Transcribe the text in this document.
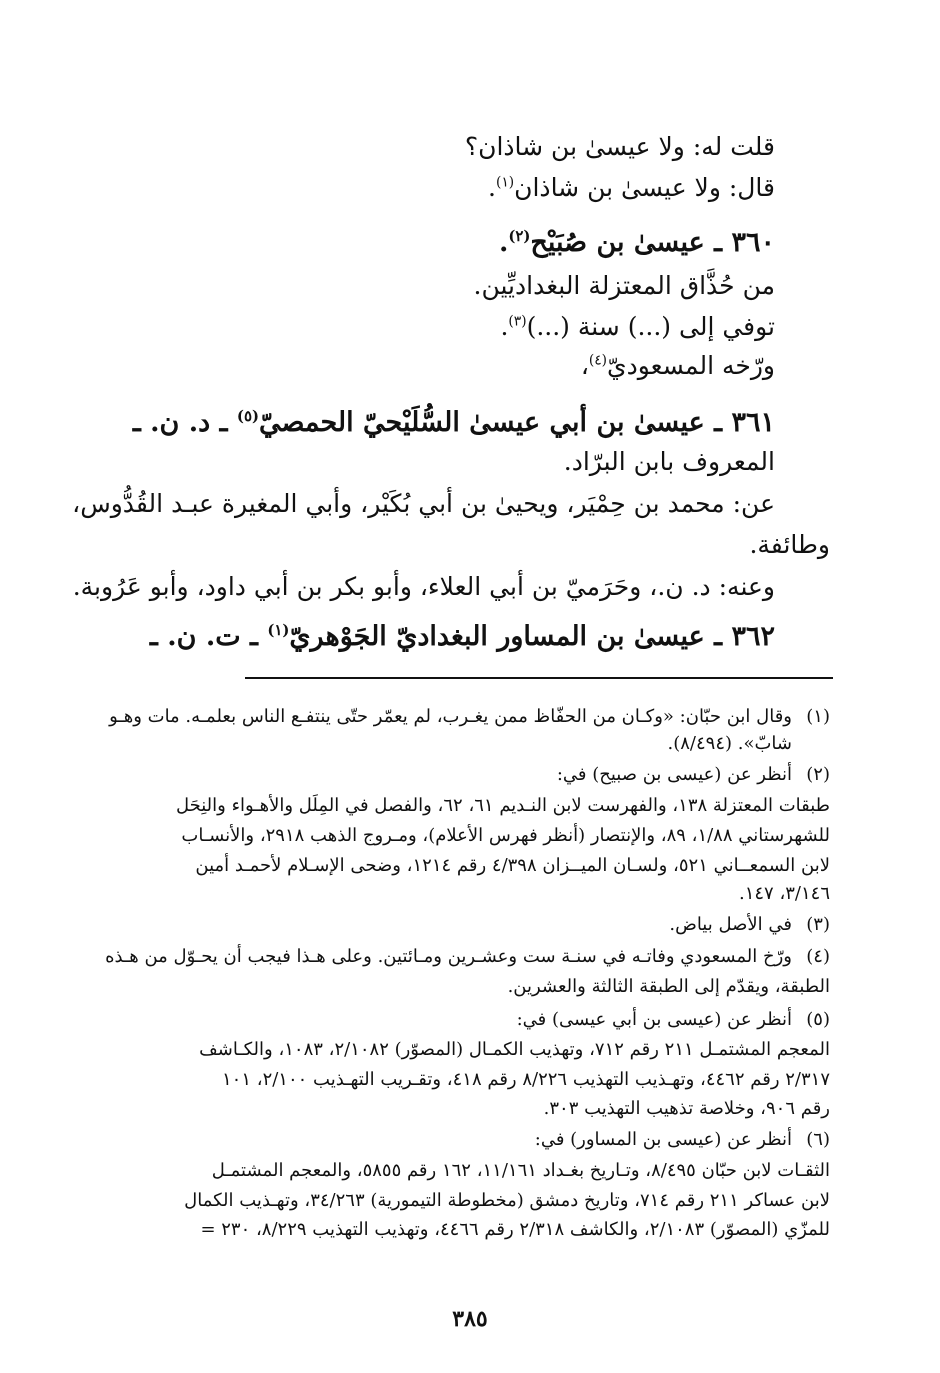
قلت له: ولا عيسىٰ بن شاذان؟
قال: ولا عيسىٰ بن شاذان$^{(١)}$.
٣٦٠ ـ عيسىٰ بن صُبَيْح$^{(٢)}$.
من حُذَّاق المعتزلة البغداديِّين.
توفي إلى (...) سنة (...)$^{(٣)}$.
ورّخه المسعوديّ$^{(٤)}$،
٣٦١ ـ عيسىٰ بن أبي عيسىٰ السُّلَيْحيّ الحمصيّ$^{(٥)}$ ـ د. ن. ـ
المعروف بابن البرّاد.
عن: محمد بن حِمْيَر، ويحيىٰ بن أبي بُكَيْر، وأبي المغيرة عبـد القُدُّوس،
وطائفة.
وعنه: د. ن.، وحَرَميّ بن أبي العلاء، وأبو بكر بن أبي داود، وأبو عَرُوبة.
٣٦٢ ـ عيسىٰ بن المساور البغداديّ الجَوْهريّ$^{(١)}$ ـ ت. ن. ـ
(١)وقال ابن حبّان: «وكـان من الحفّاظ ممن يغـرب، لم يعمّر حتّى ينتفـع الناس بعلمـه. مات وهـو
شابّ». (٨/٤٩٤).
(٢)أنظر عن (عيسى بن صبيح) في:
طبقات المعتزلة ١٣٨، والفهرست لابن النـديم ٦١، ٦٢، والفصل في المِلَل والأهـواء والنِحَل
للشهرستاني ١/٨٨، ٨٩، والإنتصار (أنظر فهرس الأعلام)، ومـروج الذهب ٢٩١٨، والأنسـاب
لابن السمعــاني ٥٢١، ولسـان الميــزان ٤/٣٩٨ رقم ١٢١٤، وضحى الإسـلام لأحمـد أمين
٣/١٤٦، ١٤٧.
(٣)في الأصل بياض.
(٤)ورّخ المسعودي وفاتـه في سنـة ست وعشـرين ومـائتين. وعلى هـذا فيجب أن يحـوّل من هـذه
الطبقة، ويقدّم إلى الطبقة الثالثة والعشرين.
(٥)أنظر عن (عيسى بن أبي عيسى) في:
المعجم المشتمـل ٢١١ رقم ٧١٢، وتهذيب الكمـال (المصوّر) ٢/١٠٨٢، ١٠٨٣، والكـاشف
٢/٣١٧ رقم ٤٤٦٢، وتهـذيب التهذيب ٨/٢٢٦ رقم ٤١٨، وتقـريب التهـذيب ٢/١٠٠، ١٠١
رقم ٩٠٦، وخلاصة تذهيب التهذيب ٣٠٣.
(٦)أنظر عن (عيسى بن المساور) في:
الثقـات لابن حبّان ٨/٤٩٥، وتـاريخ بغـداد ١١/١٦١، ١٦٢ رقم ٥٨٥٥، والمعجم المشتمـل
لابن عساكر ٢١١ رقم ٧١٤، وتاريخ دمشق (مخطوطة التيمورية) ٣٤/٢٦٣، وتهـذيب الكمال
للمزّي (المصوّر) ٢/١٠٨٣، والكاشف ٢/٣١٨ رقم ٤٤٦٦، وتهذيب التهذيب ٨/٢٢٩، ٢٣٠ =
٣٨٥
